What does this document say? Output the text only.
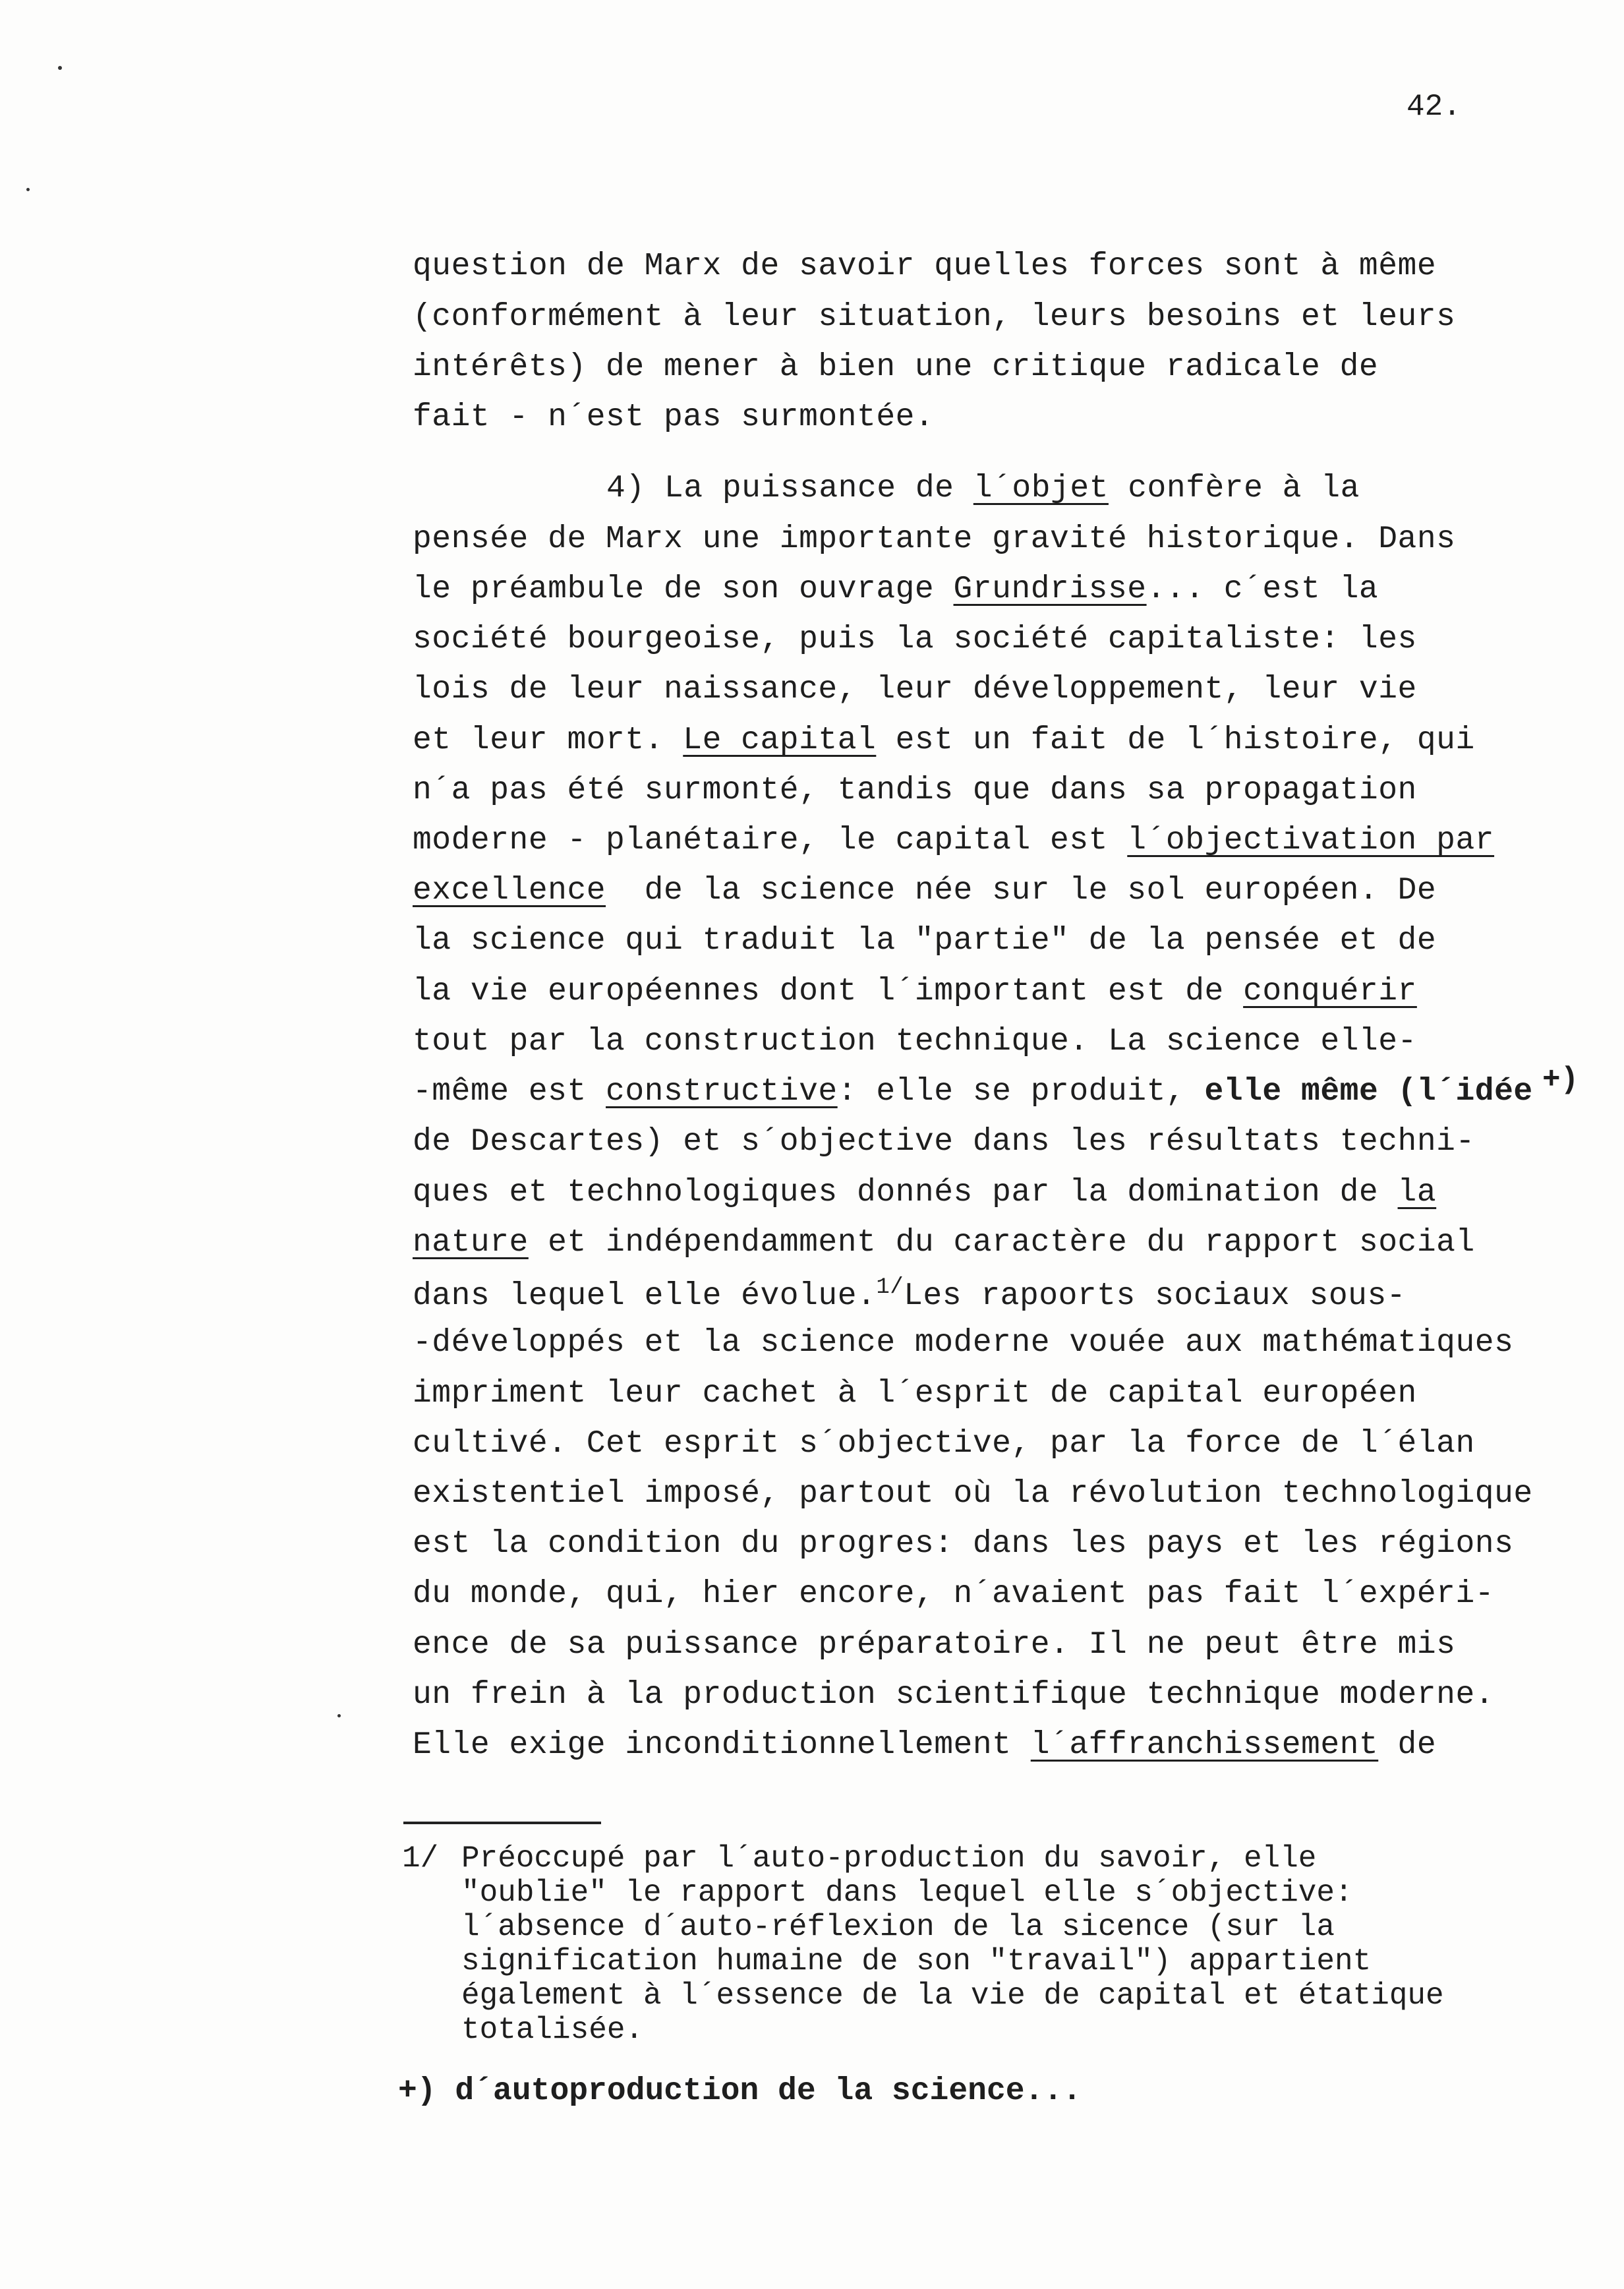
42.
question de Marx de savoir quelles forces sont à même
(conformément à leur situation, leurs besoins et leurs
intérêts) de mener à bien une critique radicale de
fait - n´est pas surmontée.
4) La puissance de l´objet confère à la
pensée de Marx une importante gravité historique. Dans
le préambule de son ouvrage Grundrisse... c´est la
société bourgeoise, puis la société capitaliste: les
lois de leur naissance, leur développement, leur vie
et leur mort. Le capital est un fait de l´histoire, qui
n´a pas été surmonté, tandis que dans sa propagation
moderne - planétaire, le capital est l´objectivation par
excellence  de la science née sur le sol européen. De
la science qui traduit la "partie" de la pensée et de
la vie européennes dont l´important est de conquérir
tout par la construction technique. La science elle-
-même est constructive: elle se produit, elle même (l´idée
de Descartes) et s´objective dans les résultats techni-
ques et technologiques donnés par la domination de la
nature et indépendamment du caractère du rapport social
dans lequel elle évolue.$^{1/}$Les rapoorts sociaux sous-
-développés et la science moderne vouée aux mathématiques
impriment leur cachet à l´esprit de capital européen
cultivé. Cet esprit s´objective, par la force de l´élan
existentiel imposé, partout où la révolution technologique
est la condition du progres: dans les pays et les régions
du monde, qui, hier encore, n´avaient pas fait l´expéri-
ence de sa puissance préparatoire. Il ne peut être mis
un frein à la production scientifique technique moderne.
Elle exige inconditionnellement l´affranchissement de
+)
1/ Préoccupé par l´auto-production du savoir, elle
"oublie" le rapport dans lequel elle s´objective:
l´absence d´auto-réflexion de la sicence (sur la
signification humaine de son "travail") appartient
également à l´essence de la vie de capital et étatique
totalisée.
+) d´autoproduction de la science...
